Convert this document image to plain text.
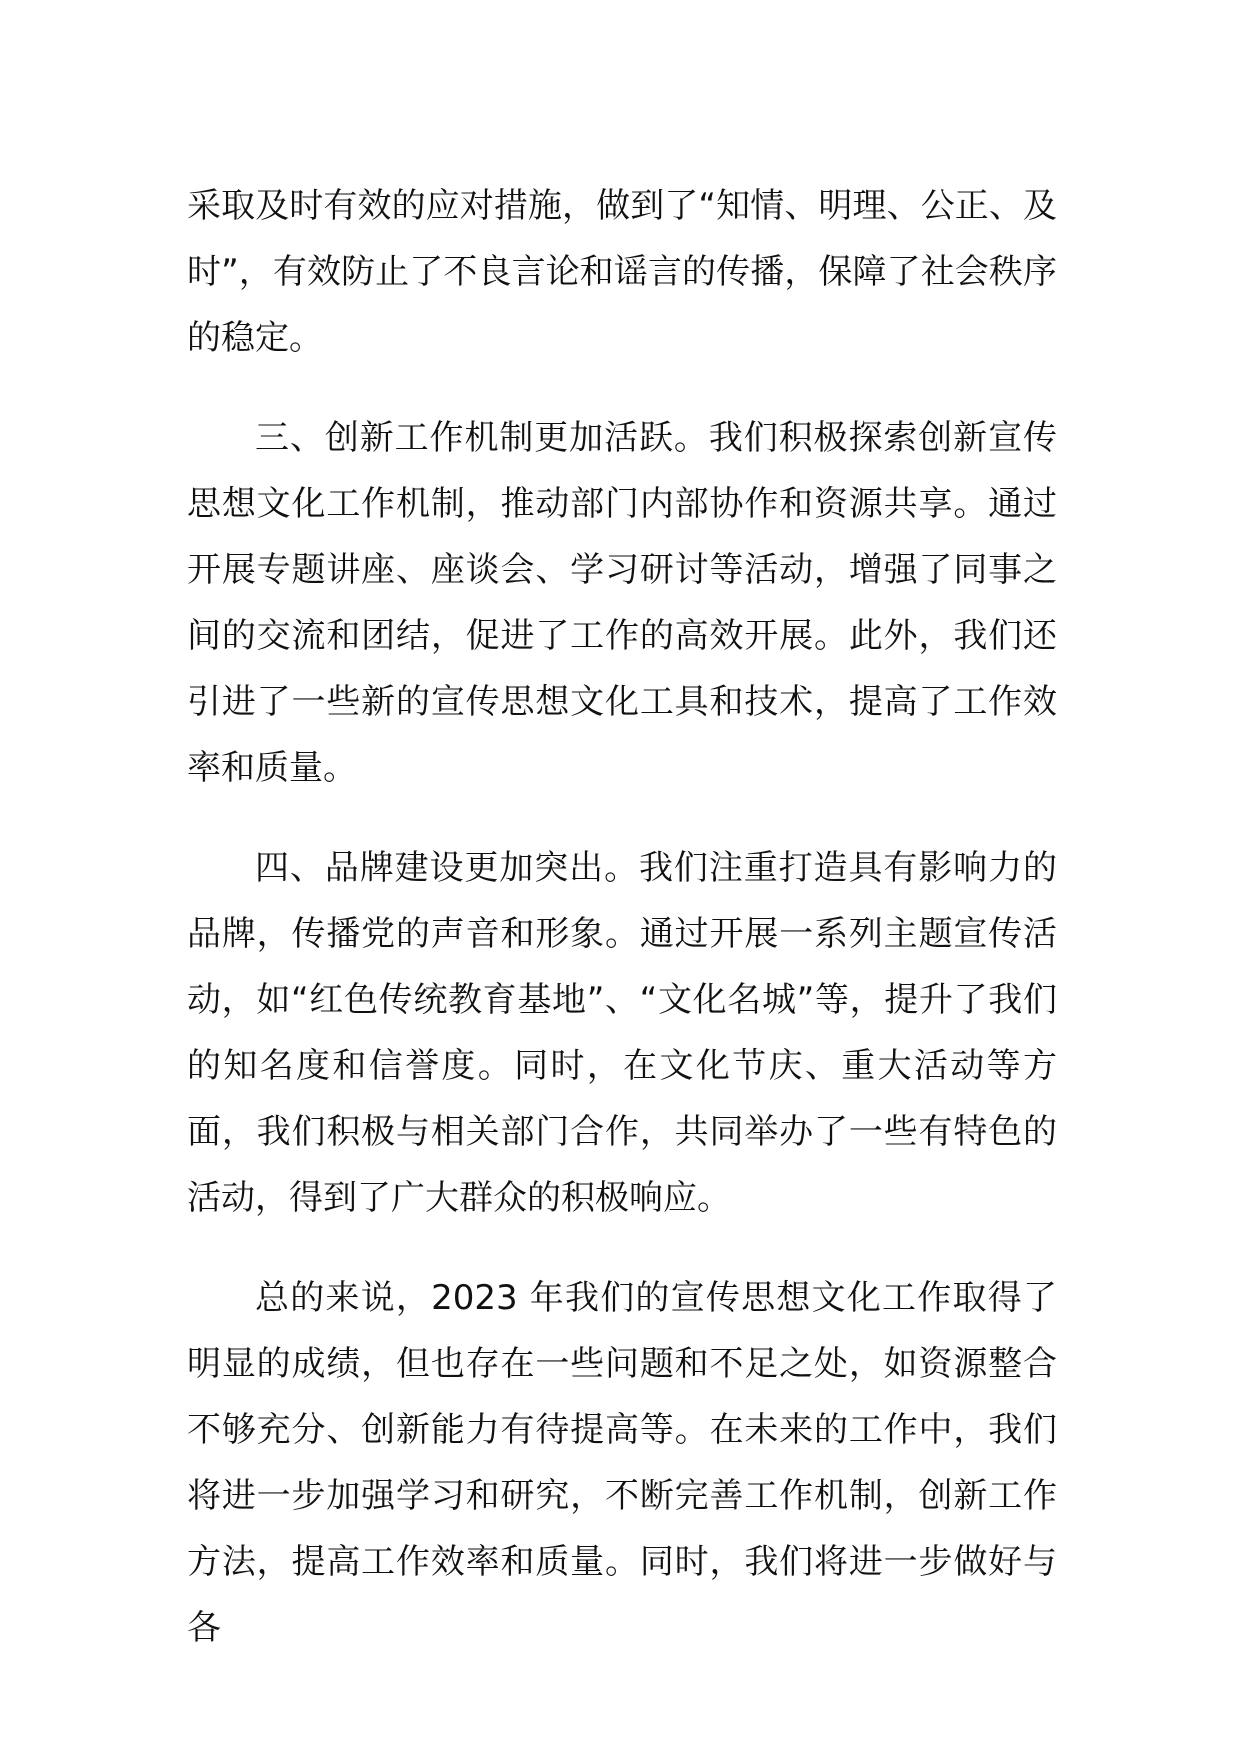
采取及时有效的应对措施，做到了“知情、明理、公正、及时”，有效防止了不良言论和谣言的传播，保障了社会秩序的稳定。

三、创新工作机制更加活跃。我们积极探索创新宣传思想文化工作机制，推动部门内部协作和资源共享。通过开展专题讲座、座谈会、学习研讨等活动，增强了同事之间的交流和团结，促进了工作的高效开展。此外，我们还引进了一些新的宣传思想文化工具和技术，提高了工作效率和质量。

四、品牌建设更加突出。我们注重打造具有影响力的品牌，传播党的声音和形象。通过开展一系列主题宣传活动，如“红色传统教育基地”、“文化名城”等，提升了我们的知名度和信誉度。同时，在文化节庆、重大活动等方面，我们积极与相关部门合作，共同举办了一些有特色的活动，得到了广大群众的积极响应。

总的来说，2023 年我们的宣传思想文化工作取得了明显的成绩，但也存在一些问题和不足之处，如资源整合不够充分、创新能力有待提高等。在未来的工作中，我们将进一步加强学习和研究，不断完善工作机制，创新工作方法，提高工作效率和质量。同时，我们将进一步做好与各
